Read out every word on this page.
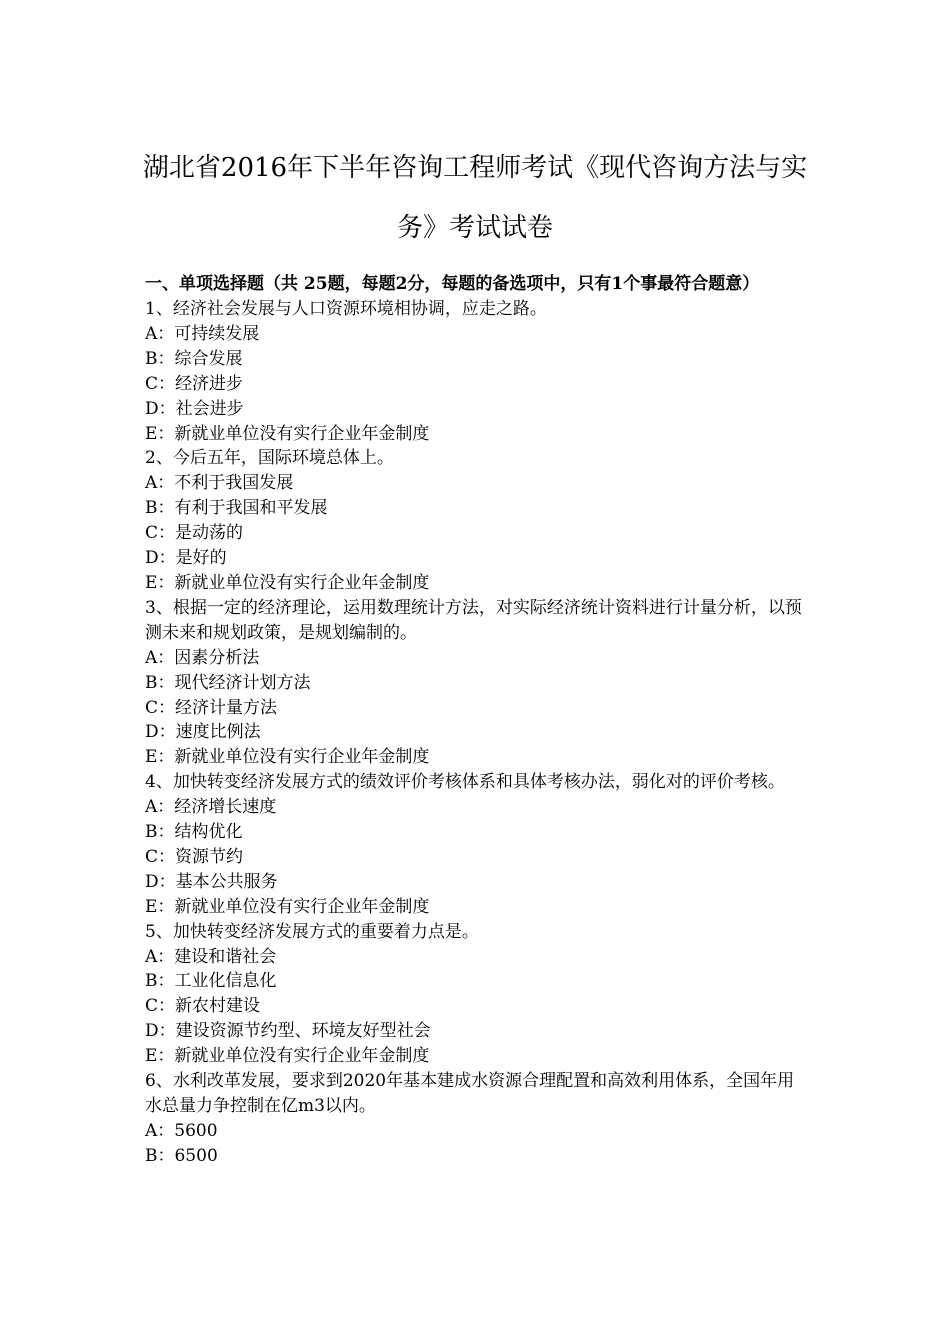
湖北省2016年下半年咨询工程师考试《现代咨询方法与实
务》考试试卷

一、单项选择题（共 25题，每题2分，每题的备选项中，只有1个事最符合题意）

1、经济社会发展与人口资源环境相协调，应走之路。

A：可持续发展

B：综合发展

C：经济进步

D：社会进步

E：新就业单位没有实行企业年金制度

2、今后五年，国际环境总体上。

A：不利于我国发展

B：有利于我国和平发展

C：是动荡的

D：是好的

E：新就业单位没有实行企业年金制度

3、根据一定的经济理论，运用数理统计方法，对实际经济统计资料进行计量分析，以预测未来和规划政策，是规划编制的。

A：因素分析法

B：现代经济计划方法

C：经济计量方法

D：速度比例法

E：新就业单位没有实行企业年金制度

4、加快转变经济发展方式的绩效评价考核体系和具体考核办法，弱化对的评价考核。

A：经济增长速度

B：结构优化

C：资源节约

D：基本公共服务

E：新就业单位没有实行企业年金制度

5、加快转变经济发展方式的重要着力点是。

A：建设和谐社会

B：工业化信息化

C：新农村建设

D：建设资源节约型、环境友好型社会

E：新就业单位没有实行企业年金制度

6、水利改革发展，要求到2020年基本建成水资源合理配置和高效利用体系，全国年用水总量力争控制在亿m3以内。

A：5600

B：6500
